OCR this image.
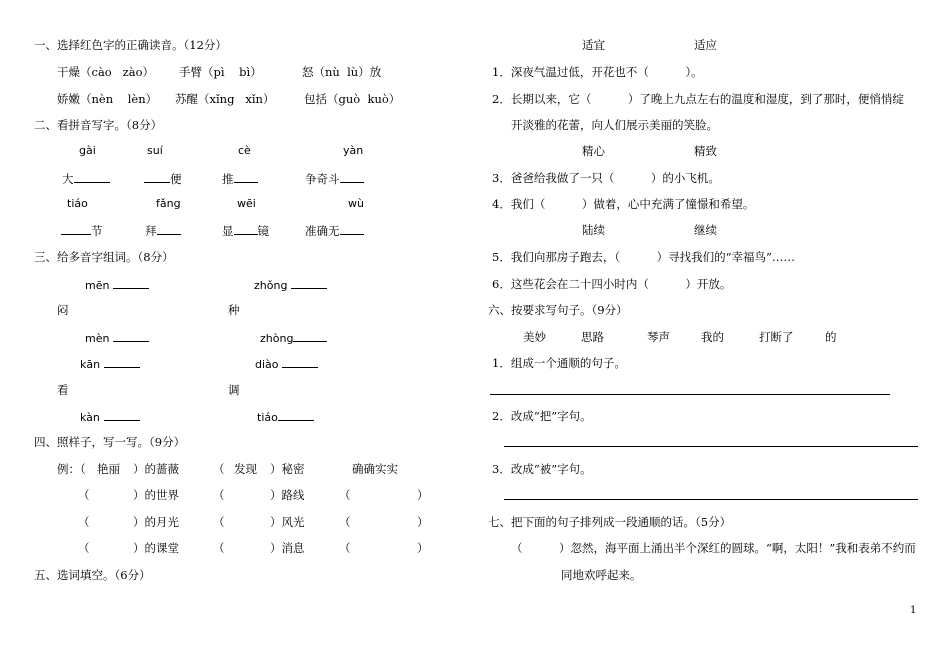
一、选择红色字的正确读音。（12分）
干燥（cào   zào） 手臂（pì    bì）	怒（nù  lù）放
娇嫩（nèn    lèn） 苏醒（xǐng   xǐn）	包括（guò  kuò）
二、看拼音写字。（8分）
gài	suí	cè	yàn
大	便	推	争奇斗
tiáo	fǎng	wēi	wù
节	拜	显 镜	准确无
三、给多音字组词。（8分）
mēn	zhǒng
闷	种
mèn	zhòng
kān	diào
看	调
kàn	tiáo
四、照样子，写一写。（9分）
例：（ 艳丽 ）的蔷薇	（ 发现 ）秘密	确确实实
（	）的世界	（	）路线	（	）
（	）的月光	（	）风光	（	）
（	）的课堂	（	）消息	（	）
五、选词填空。（6分）
适宜	适应
1．深夜气温过低，开花也不（          ）。
2．长期以来，它（          ）了晚上九点左右的温度和湿度，到了那时，便悄悄绽
开淡雅的花蕾，向人们展示美丽的笑脸。
精心	精致
3．爸爸给我做了一只（          ）的小飞机。
4．我们（          ）做着，心中充满了憧憬和希望。
陆续	继续
5．我们向那房子跑去，（          ）寻找我们的“幸福鸟”……
6．这些花会在二十四小时内（          ）开放。
六、按要求写句子。（9分）
美妙	思路	琴声	我的	打断了	的
1．组成一个通顺的句子。
2．改成“把”字句。
3．改成“被”字句。
七、把下面的句子排列成一段通顺的话。（5分）
（          ）忽然，海平面上涌出半个深红的圆球。“啊，太阳！”我和表弟不约而
同地欢呼起来。
1
